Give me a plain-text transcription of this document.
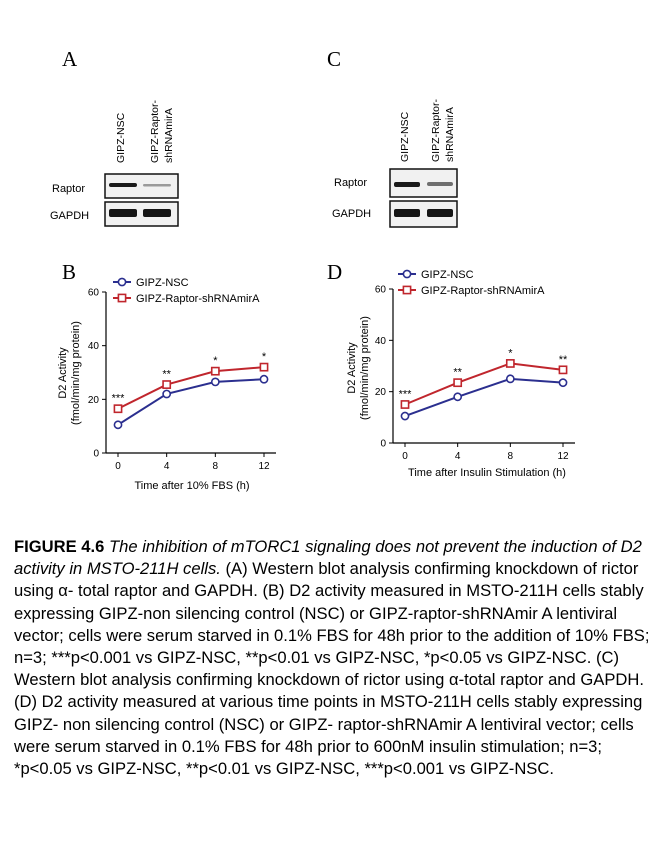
A	C
B	D
GIPZ-NSC GIPZ-Raptor- shRNAmirA
Raptor
GAPDH
GIPZ-NSC GIPZ-Raptor- shRNAmirA
Raptor
GAPDH
D2 Activity (fmol/min/mg protein)
Time after 10% FBS (h)
0
20
40
60
0	4	8	12
GIPZ-NSC
GIPZ-Raptor-shRNAmirA
***
**
*	*	D2 Activity (fmol/min/mg protein)
Time after Insulin Stimulation (h)
0
20
40
60
0	4	8	12
GIPZ-NSC
GIPZ-Raptor-shRNAmirA
***
**
*
**

FIGURE 4.6 The inhibition of mTORC1 signaling does not prevent the induction of D2 activity in MSTO-211H cells. (A) Western blot analysis confirming knockdown of rictor using α- total raptor and GAPDH. (B) D2 activity measured in MSTO-211H cells stably expressing GIPZ-non silencing control (NSC) or GIPZ-raptor-shRNAmir A lentiviral vector; cells were serum starved in 0.1% FBS for 48h prior to the addition of 10% FBS; n=3; ***p<0.001 vs GIPZ-NSC, **p<0.01 vs GIPZ-NSC, *p<0.05 vs GIPZ-NSC. (C) Western blot analysis confirming knockdown of rictor using α-total raptor and GAPDH. (D) D2 activity measured at various time points in MSTO-211H cells stably expressing GIPZ- non silencing control (NSC) or GIPZ- raptor-shRNAmir A lentiviral vector; cells were serum starved in 0.1% FBS for 48h prior to 600nM insulin stimulation; n=3; *p<0.05 vs GIPZ-NSC, **p<0.01 vs GIPZ-NSC, ***p<0.001 vs GIPZ-NSC.
